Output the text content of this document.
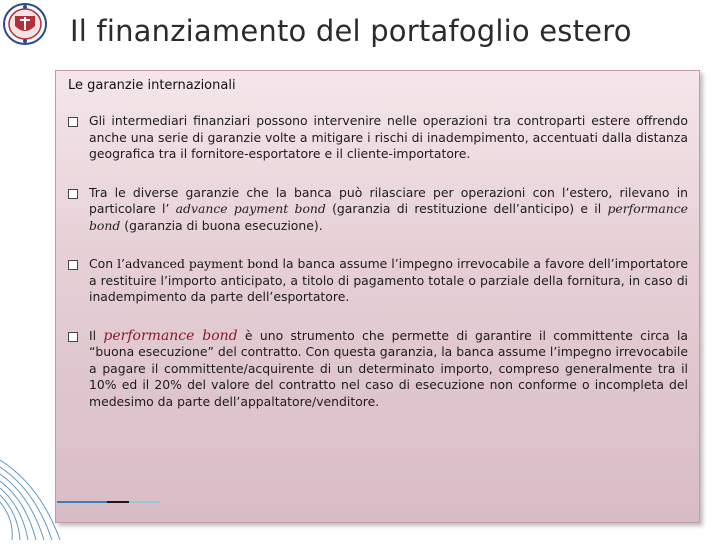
Il finanziamento del portafoglio estero
Le garanzie internazionali
Gli intermediari finanziari possono intervenire nelle operazioni tra controparti estere offrendo anche una serie di garanzie volte a mitigare i rischi di inadempimento, accentuati dalla distanza geografica tra il fornitore-esportatore e il cliente-importatore.
Tra le diverse garanzie che la banca può rilasciare per operazioni con l’estero, rilevano in particolare l’ advance payment bond (garanzia di restituzione dell’anticipo) e il performance bond (garanzia di buona esecuzione).
Con l’advanced payment bond la banca assume l’impegno irrevocabile a favore dell’importatore a restituire l’importo anticipato, a titolo di pagamento totale o parziale della fornitura, in caso di inadempimento da parte dell’esportatore.
Il performance bond è uno strumento che permette di garantire il committente circa la “buona esecuzione” del contratto. Con questa garanzia, la banca assume l’impegno irrevocabile a pagare il committente/acquirente di un determinato importo, compreso generalmente tra il 10% ed il 20% del valore del contratto nel caso di esecuzione non conforme o incompleta del medesimo da parte dell’appaltatore/venditore.
